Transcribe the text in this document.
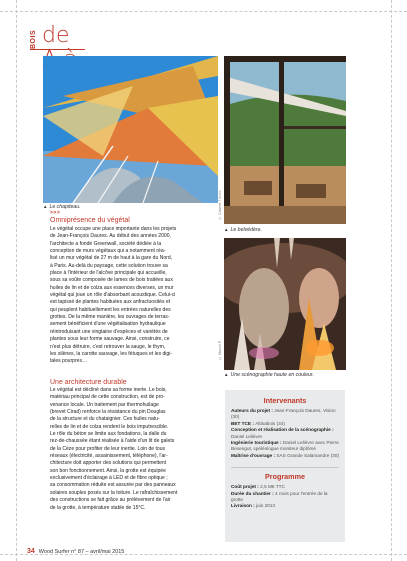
BOIS de
▲ Le chapiteau.	© Cabinet 7 Archi.
▲ Le belvédère.
© Marcel P.
▲ Une scénographie haute en couleur.
>>>
Omniprésence du végétal
Le végétal occupe une place importante dans les projets
de Jean-François Daures. Au début des années 2000,
l'architecte a fondé Greenwall, société dédiée à la
conception de murs végétaux qui a notamment réa-
lisé un mur végétal de 27 m de haut à la gare du Nord,
à Paris. Au-delà du paysage, cette solution trouve sa
place à l'intérieur de l'alcôve principale qui accueille,
sous sa voûte composée de lames de bois traitées aux
huiles de lin et de colza aux essences diverses, un mur
végétal qui joue un rôle d'absorbant acoustique. Celui-ci
est tapissé de plantes habituées aux anfractuosités et
qui peuplent habituellement les entrées naturelles des
grottes. De la même manière, les ouvrages de terras-
sement bénéficient d'une végétalisation hydraulique
réintroduisant une vingtaine d'espèces et variétés de
plantes sous leur forme sauvage. Ainsi, construire, ce
n'est plus détruire, c'est retrouver la sauge, le thym,
les silènes, la carotte sauvage, les fétuques et les digi-
tales pourpres…
Une architecture durable
Le végétal est décliné dans sa forme inerte. Le bois,
matériau principal de cette construction, est de pro-
venance locale. Un traitement par thermohuilage
(brevet Cirad) renforce la résistance du pin Douglas
de la structure et du chataignier. Ces huiles natu-
relles de lin et de colza rendent le bois imputrescible.
Le rôle du béton se limite aux fondations, la dalle du
rez-de-chaussée étant réalisée à l'aide d'un lit de galets
de la Cèze pour profiter de leur inertie. Loin de tous
réseaux (électricité, assainissement, téléphone), l'ar-
chitecture doit apporter des solutions qui permettent
son bon fonctionnement. Ainsi, la grotte est équipée
exclusivement d'éclairage à LED et de fibre optique ;
sa consommation réduite est assurée par des panneaux
solaires souples posés sur la toiture. Le rafraîchissement
des constructions se fait grâce au prélèvement de l'air
de la grotte, à température stable de 15°C.
Intervenants
Auteurs du projet : Jean-François Daures, Vision (30)
BET TCE : Altisabois (34)
Conception et réalisation de la scénographie : Daniel Lelièvre
Ingénierie touristique : Daniel Lelièvre avec Pierre Besengut, spéléologue moniteur diplômé
Maîtrise d'ouvrage : SAS Grande Salamandre (30)
Programme
Coût projet : 2,5 M€ TTC
Durée du chantier : 4 mois pour l'entrée de la grotte
Livraison : juin 2013
34 Wood Surfer n° 87 – avril/mai 2015
